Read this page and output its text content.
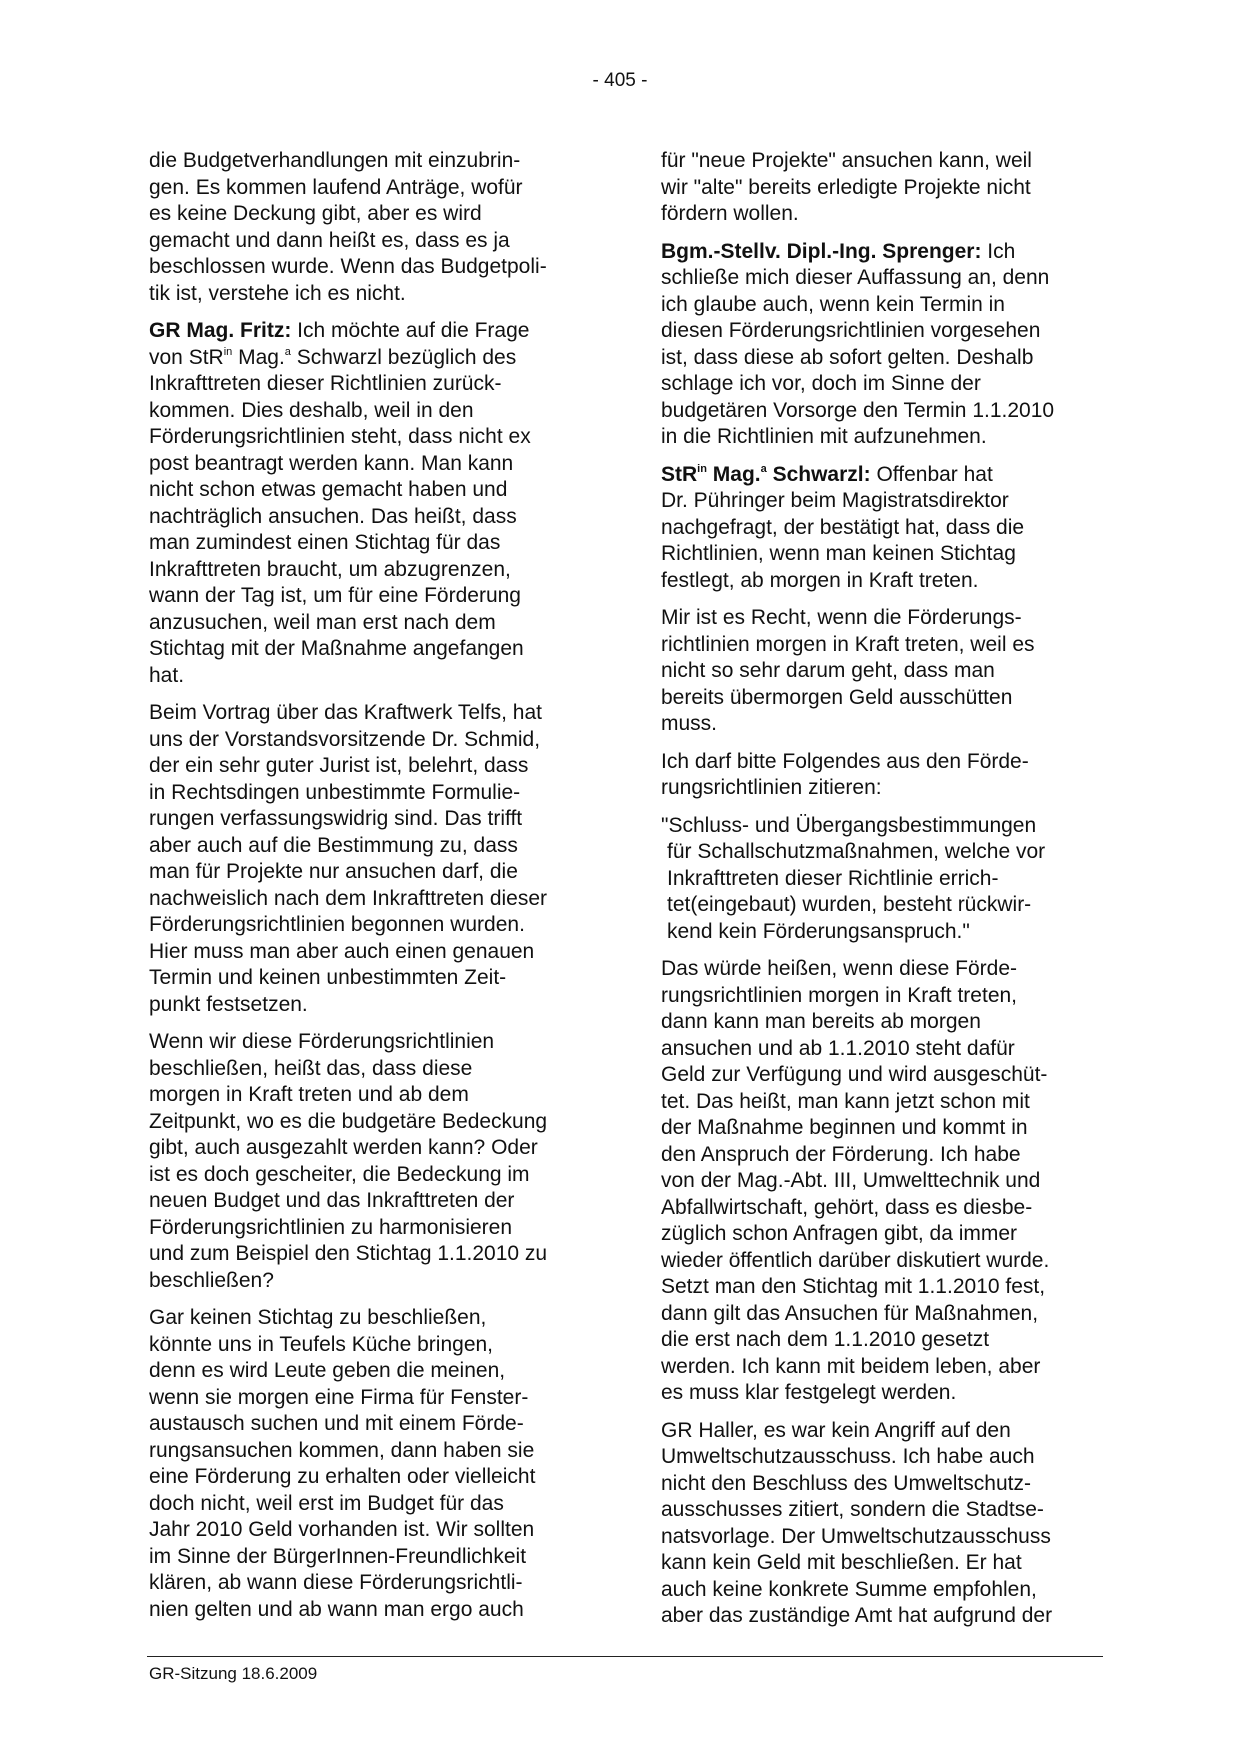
- 405 -

die Budgetverhandlungen mit einzubrin-
gen. Es kommen laufend Anträge, wofür
es keine Deckung gibt, aber es wird
gemacht und dann heißt es, dass es ja
beschlossen wurde. Wenn das Budgetpoli-
tik ist, verstehe ich es nicht.

GR Mag. Fritz: Ich möchte auf die Frage
von StR$^{in}$ Mag.$^a$ Schwarzl bezüglich des
Inkrafttreten dieser Richtlinien zurück-
kommen. Dies deshalb, weil in den
Förderungsrichtlinien steht, dass nicht ex
post beantragt werden kann. Man kann
nicht schon etwas gemacht haben und
nachträglich ansuchen. Das heißt, dass
man zumindest einen Stichtag für das
Inkrafttreten braucht, um abzugrenzen,
wann der Tag ist, um für eine Förderung
anzusuchen, weil man erst nach dem
Stichtag mit der Maßnahme angefangen
hat.

Beim Vortrag über das Kraftwerk Telfs, hat
uns der Vorstandsvorsitzende Dr. Schmid,
der ein sehr guter Jurist ist, belehrt, dass
in Rechtsdingen unbestimmte Formulie-
rungen verfassungswidrig sind. Das trifft
aber auch auf die Bestimmung zu, dass
man für Projekte nur ansuchen darf, die
nachweislich nach dem Inkrafttreten dieser
Förderungsrichtlinien begonnen wurden.
Hier muss man aber auch einen genauen
Termin und keinen unbestimmten Zeit-
punkt festsetzen.

Wenn wir diese Förderungsrichtlinien
beschließen, heißt das, dass diese
morgen in Kraft treten und ab dem
Zeitpunkt, wo es die budgetäre Bedeckung
gibt, auch ausgezahlt werden kann? Oder
ist es doch gescheiter, die Bedeckung im
neuen Budget und das Inkrafttreten der
Förderungsrichtlinien zu harmonisieren
und zum Beispiel den Stichtag 1.1.2010 zu
beschließen?

Gar keinen Stichtag zu beschließen,
könnte uns in Teufels Küche bringen,
denn es wird Leute geben die meinen,
wenn sie morgen eine Firma für Fenster-
austausch suchen und mit einem Förde-
rungsansuchen kommen, dann haben sie
eine Förderung zu erhalten oder vielleicht
doch nicht, weil erst im Budget für das
Jahr 2010 Geld vorhanden ist. Wir sollten
im Sinne der BürgerInnen-Freundlichkeit
klären, ab wann diese Förderungsrichtli-
nien gelten und ab wann man ergo auch

für "neue Projekte" ansuchen kann, weil
wir "alte" bereits erledigte Projekte nicht
fördern wollen.

Bgm.-Stellv. Dipl.-Ing. Sprenger: Ich
schließe mich dieser Auffassung an, denn
ich glaube auch, wenn kein Termin in
diesen Förderungsrichtlinien vorgesehen
ist, dass diese ab sofort gelten. Deshalb
schlage ich vor, doch im Sinne der
budgetären Vorsorge den Termin 1.1.2010
in die Richtlinien mit aufzunehmen.

StR$^{in}$ Mag.$^a$ Schwarzl: Offenbar hat
Dr. Pühringer beim Magistratsdirektor
nachgefragt, der bestätigt hat, dass die
Richtlinien, wenn man keinen Stichtag
festlegt, ab morgen in Kraft treten.

Mir ist es Recht, wenn die Förderungs-
richtlinien morgen in Kraft treten, weil es
nicht so sehr darum geht, dass man
bereits übermorgen Geld ausschütten
muss.

Ich darf bitte Folgendes aus den Förde-
rungsrichtlinien zitieren:

"Schluss- und Übergangsbestimmungen
für Schallschutzmaßnahmen, welche vor
Inkrafttreten dieser Richtlinie errich-
tet(eingebaut) wurden, besteht rückwir-
kend kein Förderungsanspruch."

Das würde heißen, wenn diese Förde-
rungsrichtlinien morgen in Kraft treten,
dann kann man bereits ab morgen
ansuchen und ab 1.1.2010 steht dafür
Geld zur Verfügung und wird ausgeschüt-
tet. Das heißt, man kann jetzt schon mit
der Maßnahme beginnen und kommt in
den Anspruch der Förderung. Ich habe
von der Mag.-Abt. III, Umwelttechnik und
Abfallwirtschaft, gehört, dass es diesbe-
züglich schon Anfragen gibt, da immer
wieder öffentlich darüber diskutiert wurde.
Setzt man den Stichtag mit 1.1.2010 fest,
dann gilt das Ansuchen für Maßnahmen,
die erst nach dem 1.1.2010 gesetzt
werden. Ich kann mit beidem leben, aber
es muss klar festgelegt werden.

GR Haller, es war kein Angriff auf den
Umweltschutzausschuss. Ich habe auch
nicht den Beschluss des Umweltschutz-
ausschusses zitiert, sondern die Stadtse-
natsvorlage. Der Umweltschutzausschuss
kann kein Geld mit beschließen. Er hat
auch keine konkrete Summe empfohlen,
aber das zuständige Amt hat aufgrund der

GR-Sitzung 18.6.2009
